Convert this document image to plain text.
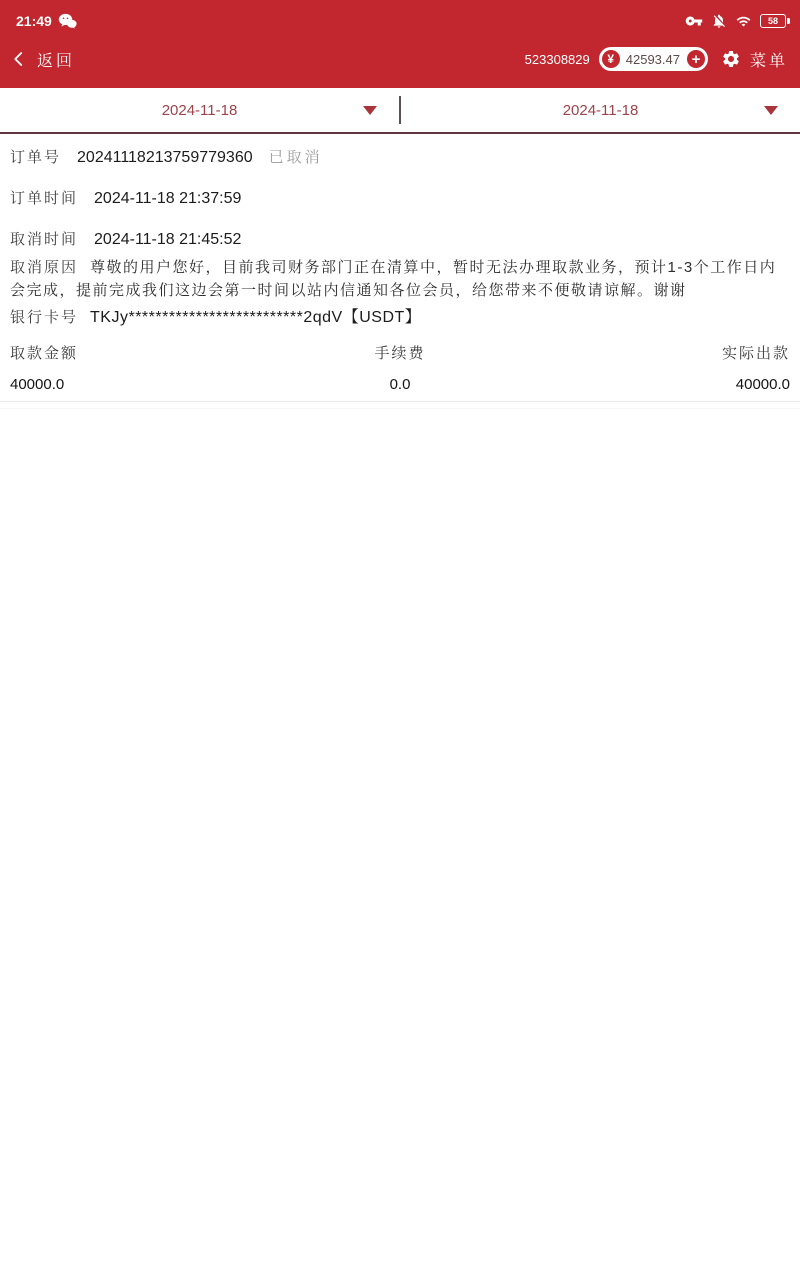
21:49	58
返回	523308829	¥ 42593.47 +	菜单
2024-11-18	2024-11-18
订单号 20241118213759779360 已取消
订单时间 2024-11-18 21:37:59
取消时间 2024-11-18 21:45:52
取消原因 尊敬的用户您好，目前我司财务部门正在清算中，暂时无法办理取款业务，预计1-3个工作日内会完成，提前完成我们这边会第一时间以站内信通知各位会员，给您带来不便敬请谅解。谢谢
银行卡号 TKJy**************************2qdV【USDT】
取款金额	手续费	实际出款
40000.0	0.0	40000.0
